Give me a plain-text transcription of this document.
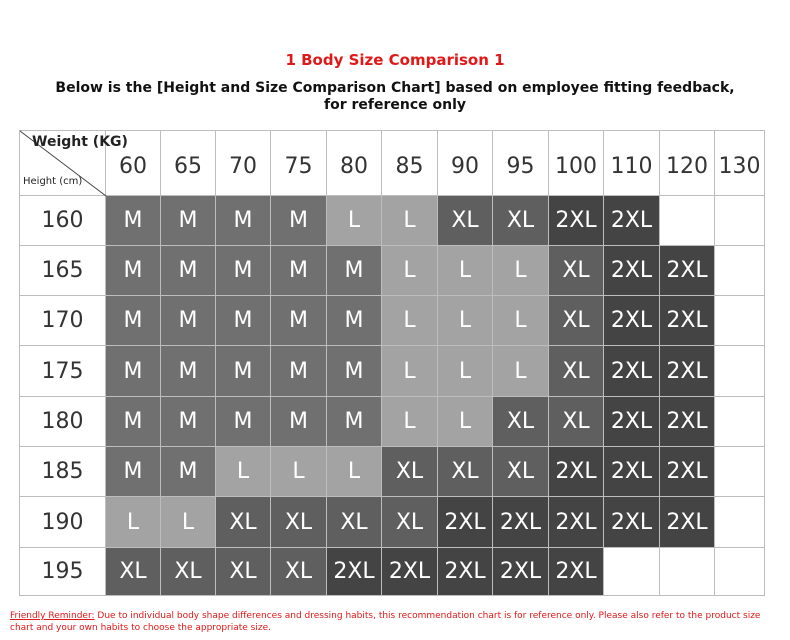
1 Body Size Comparison 1
Below is the [Height and Size Comparison Chart] based on employee fitting feedback, for reference only
Weight (KG)
Height (cm)	60	65	70	75	80	85	90	95	100	110	120	130
160	M	M	M	M	L	L	XL	XL	2XL	2XL		
165	M	M	M	M	M	L	L	L	XL	2XL	2XL	
170	M	M	M	M	M	L	L	L	XL	2XL	2XL	
175	M	M	M	M	M	L	L	L	XL	2XL	2XL	
180	M	M	M	M	M	L	L	XL	XL	2XL	2XL	
185	M	M	L	L	L	XL	XL	XL	2XL	2XL	2XL	
190	L	L	XL	XL	XL	XL	2XL	2XL	2XL	2XL	2XL	
195	XL	XL	XL	XL	2XL	2XL	2XL	2XL	2XL			
Friendly Reminder: Due to individual body shape differences and dressing habits, this recommendation chart is for reference only. Please also refer to the product size chart and your own habits to choose the appropriate size.
